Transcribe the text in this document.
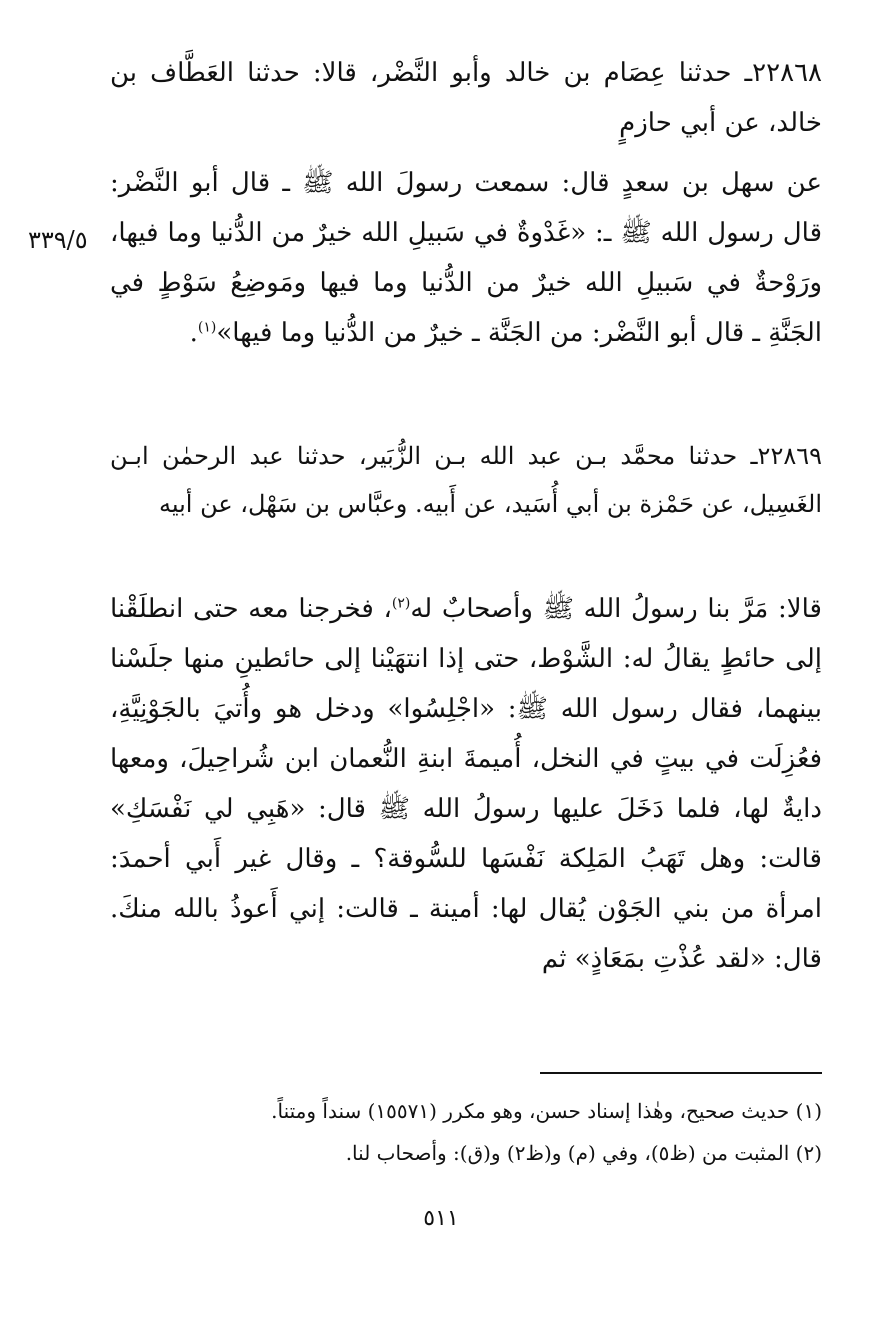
٢٢٨٦٨ـ حدثنا عِصَام بن خالد وأبو النَّضْر، قالا: حدثنا العَطَّاف بن خالد، عن أبي حازمٍ

عن سهل بن سعدٍ قال: سمعت رسولَ الله ﷺ ـ قال أبو النَّضْر: قال رسول الله ﷺ ـ: «غَدْوةٌ في سَبيلِ الله خيرٌ من الدُّنيا وما فيها، ورَوْحةٌ في سَبيلِ الله خيرٌ من الدُّنيا وما فيها ومَوضِعُ سَوْطٍ في الجَنَّةِ ـ قال أبو النَّضْر: من الجَنَّة ـ خيرٌ من الدُّنيا وما فيها»$^{(١)}$.

٣٣٩/٥

٢٢٨٦٩ـ حدثنا محمَّد بـن عبد الله بـن الزُّبَير، حدثنا عبد الرحمٰن ابـن الغَسِيل، عن حَمْزة بن أبي أُسَيد، عن أَبيه. وعبَّاس بن سَهْل، عن أبيه

قالا: مَرَّ بنا رسولُ الله ﷺ وأصحابٌ له$^{(٢)}$، فخرجنا معه حتى انطلَقْنا إلى حائطٍ يقالُ له: الشَّوْط، حتى إذا انتهَيْنا إلى حائطينِ منها جلَسْنا بينهما، فقال رسول الله ﷺ: «اجْلِسُوا» ودخل هو وأُتيَ بالجَوْنِيَّةِ، فعُزِلَت في بيتٍ في النخل، أُميمةَ ابنةِ النُّعمان ابن شُراحِيلَ، ومعها دايةٌ لها، فلما دَخَلَ عليها رسولُ الله ﷺ قال: «هَبِي لي نَفْسَكِ» قالت: وهل تَهَبُ المَلِكة نَفْسَها للسُّوقة؟ ـ وقال غير أَبي أحمدَ: امرأة من بني الجَوْن يُقال لها: أمينة ـ قالت: إني أَعوذُ بالله منكَ. قال: «لقد عُذْتِ بمَعَاذٍ» ثم

(١) حديث صحيح، وهٰذا إسناد حسن، وهو مكرر (١٥٥٧١) سنداً ومتناً.

(٢) المثبت من (ظ٥)، وفي (م) و(ظ٢) و(ق): وأصحاب لنا.

٥١١
